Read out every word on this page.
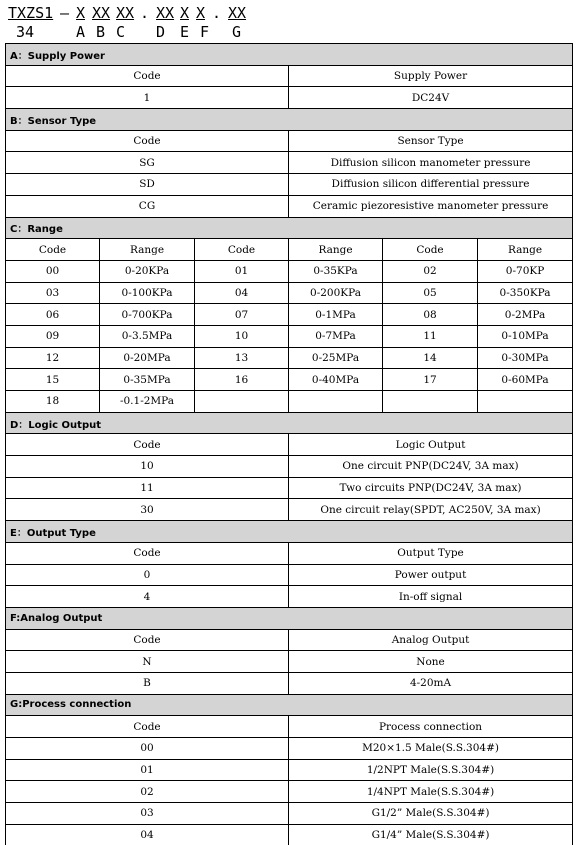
TXZS1

–

X

XX

XX

.

XX

X

X

.

XX

34

	A

B

C

D

E

F

G

A：Supply Power					
Code			Supply Power		
1			DC24V		
B：Sensor Type					
Code			Sensor Type		
SG			Diffusion silicon manometer pressure		
SD			Diffusion silicon differential pressure		
CG			Ceramic piezoresistive manometer pressure		
C：Range					
Code	Range	Code	Range	Code	Range
00	0-20KPa	01	0-35KPa	02	0-70KP
03	0-100KPa	04	0-200KPa	05	0-350KPa
06	0-700KPa	07	0-1MPa	08	0-2MPa
09	0-3.5MPa	10	0-7MPa	11	0-10MPa
12	0-20MPa	13	0-25MPa	14	0-30MPa
15	0-35MPa	16	0-40MPa	17	0-60MPa
18	-0.1-2MPa				
D：Logic Output					
Code			Logic Output		
10			One circuit PNP(DC24V, 3A max)		
11			Two circuits PNP(DC24V, 3A max)		
30			One circuit relay(SPDT, AC250V, 3A max)		
E：Output Type					
Code			Output Type		
0			Power output		
4			In-off signal		
F:Analog Output					
Code			Analog Output		
N			None		
B			4-20mA		
G:Process connection					
Code			Process connection		
00			M20×1.5 Male(S.S.304#)		
01			1/2NPT Male(S.S.304#)		
02			1/4NPT Male(S.S.304#)		
03			G1/2” Male(S.S.304#)		
04			G1/4” Male(S.S.304#)		
